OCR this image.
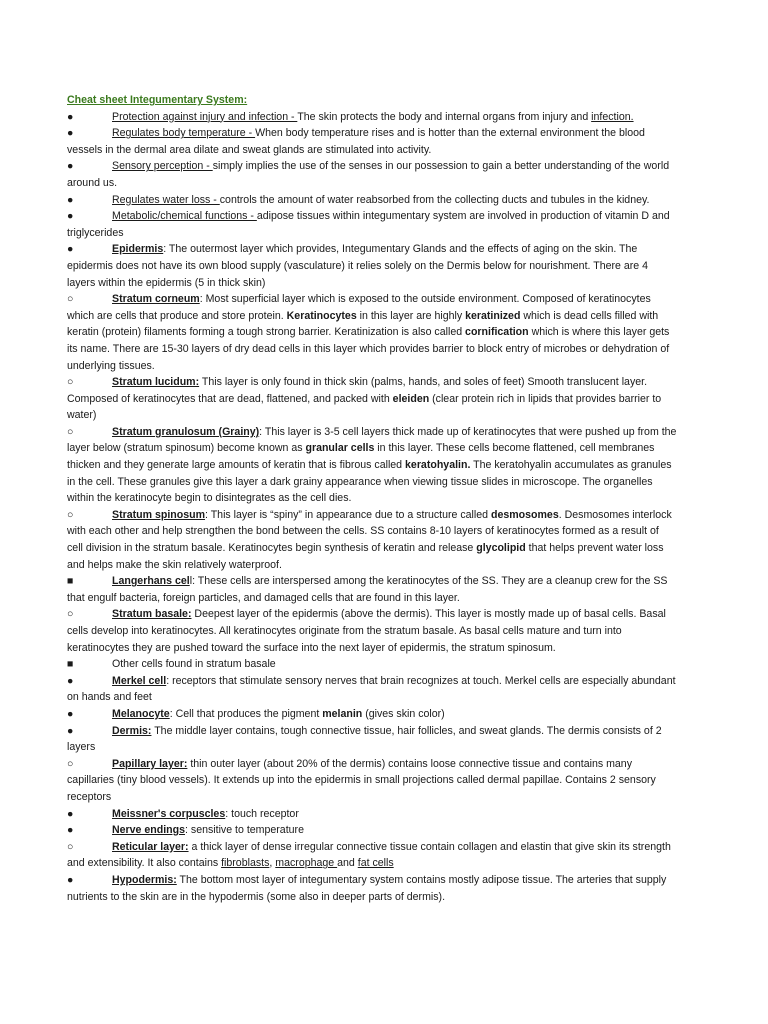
Cheat sheet Integumentary System:

●	Protection against injury and infection - The skin protects the body and internal organs from injury and infection.

●	Regulates body temperature - When body temperature rises and is hotter than the external environment the blood vessels in the dermal area dilate and sweat glands are stimulated into activity.

●	Sensory perception - simply implies the use of the senses in our possession to gain a better understanding of the world around us.

●	Regulates water loss - controls the amount of water reabsorbed from the collecting ducts and tubules in the kidney.

●	Metabolic/chemical functions - adipose tissues within integumentary system are involved in production of vitamin D and triglycerides

●	Epidermis: The outermost layer which provides, Integumentary Glands and the effects of aging on the skin. The epidermis does not have its own blood supply (vasculature) it relies solely on the Dermis below for nourishment. There are 4 layers within the epidermis (5 in thick skin)

○	Stratum corneum: Most superficial layer which is exposed to the outside environment. Composed of keratinocytes which are cells that produce and store protein. Keratinocytes in this layer are highly keratinized which is dead cells filled with keratin (protein) filaments forming a tough strong barrier. Keratinization is also called cornification which is where this layer gets its name. There are 15-30 layers of dry dead cells in this layer which provides barrier to block entry of microbes or dehydration of underlying tissues.

○	Stratum lucidum: This layer is only found in thick skin (palms, hands, and soles of feet) Smooth translucent layer. Composed of keratinocytes that are dead, flattened, and packed with eleiden (clear protein rich in lipids that provides barrier to water)

○	Stratum granulosum (Grainy): This layer is 3-5 cell layers thick made up of keratinocytes that were pushed up from the layer below (stratum spinosum) become known as granular cells in this layer. These cells become flattened, cell membranes thicken and they generate large amounts of keratin that is fibrous called keratohyalin. The keratohyalin accumulates as granules in the cell. These granules give this layer a dark grainy appearance when viewing tissue slides in microscope. The organelles within the keratinocyte begin to disintegrates as the cell dies.

○	Stratum spinosum: This layer is “spiny” in appearance due to a structure called desmosomes. Desmosomes interlock with each other and help strengthen the bond between the cells. SS contains 8-10 layers of keratinocytes formed as a result of cell division in the stratum basale. Keratinocytes begin synthesis of keratin and release glycolipid that helps prevent water loss and helps make the skin relatively waterproof.

■	Langerhans cell: These cells are interspersed among the keratinocytes of the SS. They are a cleanup crew for the SS that engulf bacteria, foreign particles, and damaged cells that are found in this layer.

○	Stratum basale: Deepest layer of the epidermis (above the dermis). This layer is mostly made up of basal cells. Basal cells develop into keratinocytes. All keratinocytes originate from the stratum basale. As basal cells mature and turn into keratinocytes they are pushed toward the surface into the next layer of epidermis, the stratum spinosum.

■	Other cells found in stratum basale

●	Merkel cell: receptors that stimulate sensory nerves that brain recognizes at touch. Merkel cells are especially abundant on hands and feet

●	Melanocyte: Cell that produces the pigment melanin (gives skin color)

●	Dermis: The middle layer contains, tough connective tissue, hair follicles, and sweat glands. The dermis consists of 2 layers

○	Papillary layer: thin outer layer (about 20% of the dermis) contains loose connective tissue and contains many capillaries (tiny blood vessels). It extends up into the epidermis in small projections called dermal papillae. Contains 2 sensory receptors

●	Meissner's corpuscles: touch receptor

●	Nerve endings: sensitive to temperature

○	Reticular layer: a thick layer of dense irregular connective tissue contain collagen and elastin that give skin its strength and extensibility. It also contains fibroblasts, macrophage and fat cells

●	Hypodermis: The bottom most layer of integumentary system contains mostly adipose tissue. The arteries that supply nutrients to the skin are in the hypodermis (some also in deeper parts of dermis).
